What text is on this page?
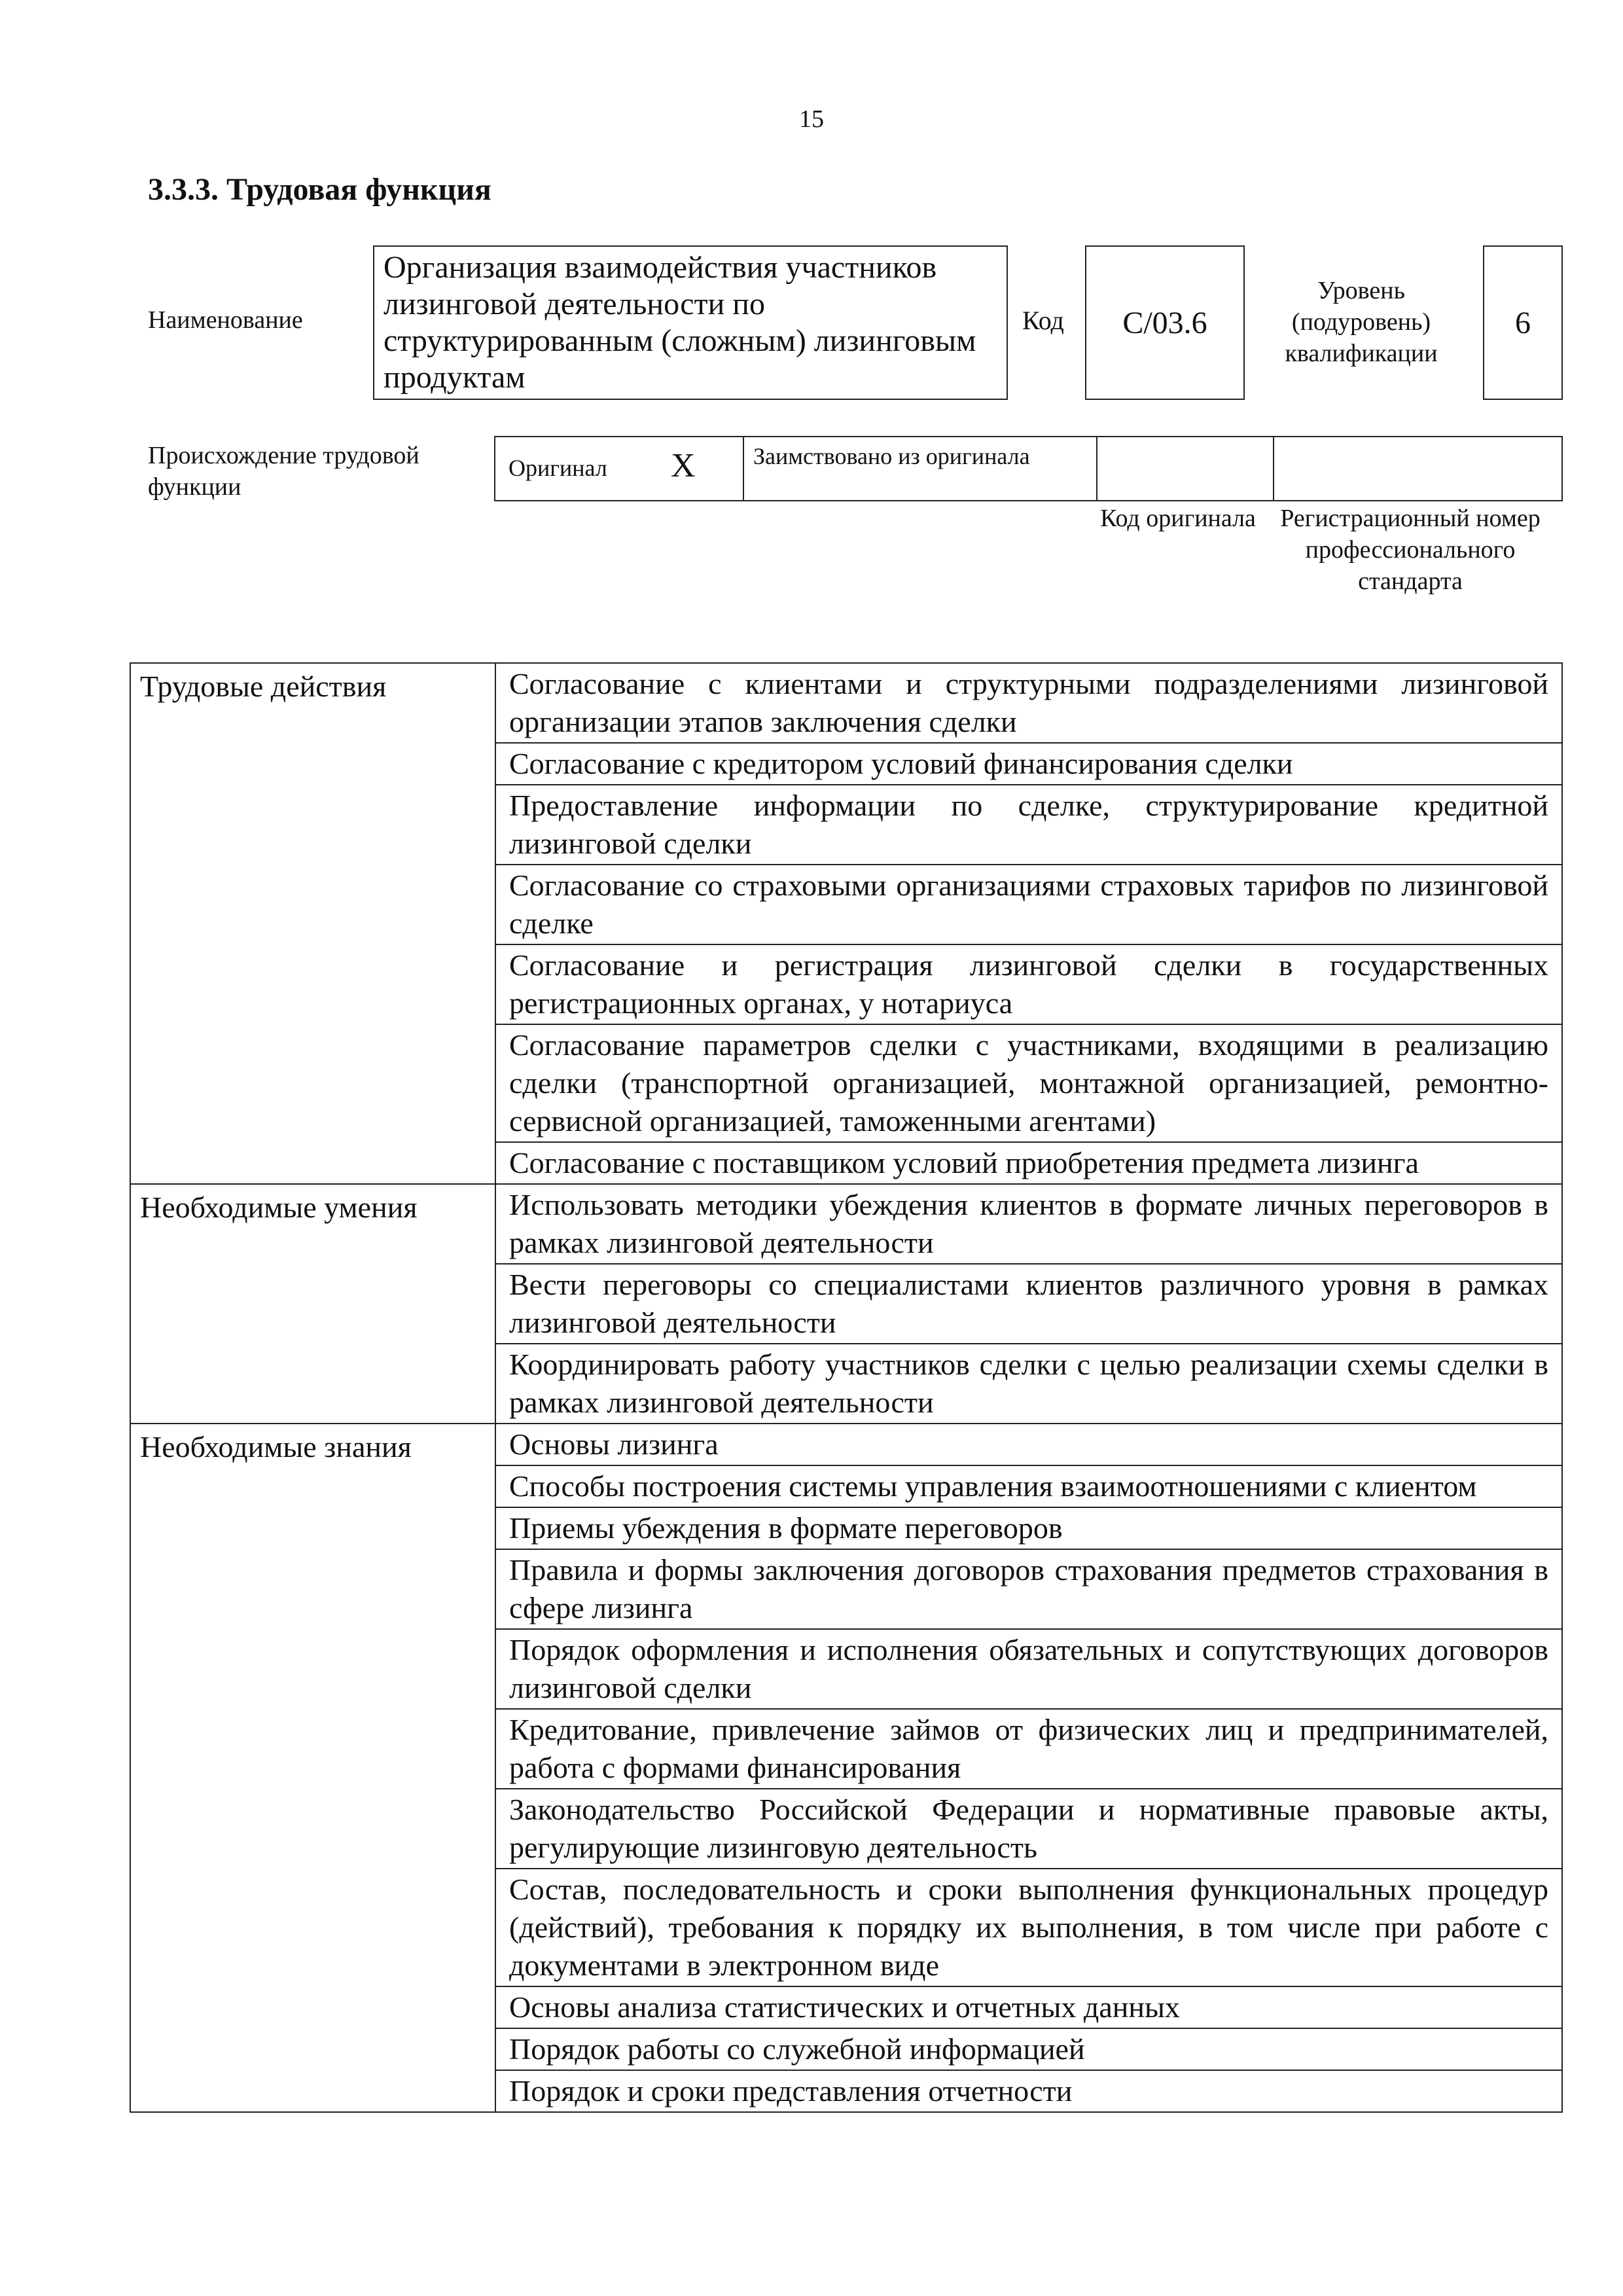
15
3.3.3. Трудовая функция
Наименование
Организация взаимодействия участников лизинговой деятельности по структурированным (сложным) лизинговым продуктам
Код	С/03.6
Уровень (подуровень) квалификации
6
Происхождение трудовой функции
Оригинал X	Заимствовано из оригинала
Код оригинала Регистрационный номер профессионального стандарта
Трудовые действия	Согласование с клиентами и структурными подразделениями лизинговой организации этапов заключения сделки
	Согласование с кредитором условий финансирования сделки
	Предоставление информации по сделке, структурирование кредитной лизинговой сделки
	Согласование со страховыми организациями страховых тарифов по лизинговой сделке
	Согласование и регистрация лизинговой сделки в государственных регистрационных органах, у нотариуса
	Согласование параметров сделки с участниками, входящими в реализацию сделки (транспортной организацией, монтажной организацией, ремонтно-сервисной организацией, таможенными агентами)
	Согласование с поставщиком условий приобретения предмета лизинга
Необходимые умения	Использовать методики убеждения клиентов в формате личных переговоров в рамках лизинговой деятельности
	Вести переговоры со специалистами клиентов различного уровня в рамках лизинговой деятельности
	Координировать работу участников сделки с целью реализации схемы сделки в рамках лизинговой деятельности
Необходимые знания	Основы лизинга
	Способы построения системы управления взаимоотношениями с клиентом
	Приемы убеждения в формате переговоров
	Правила и формы заключения договоров страхования предметов страхования в сфере лизинга
	Порядок оформления и исполнения обязательных и сопутствующих договоров лизинговой сделки
	Кредитование, привлечение займов от физических лиц и предпринимателей, работа с формами финансирования
	Законодательство Российской Федерации и нормативные правовые акты, регулирующие лизинговую деятельность
	Состав, последовательность и сроки выполнения функциональных процедур (действий), требования к порядку их выполнения, в том числе при работе с документами в электронном виде
	Основы анализа статистических и отчетных данных
	Порядок работы со служебной информацией
	Порядок и сроки представления отчетности
